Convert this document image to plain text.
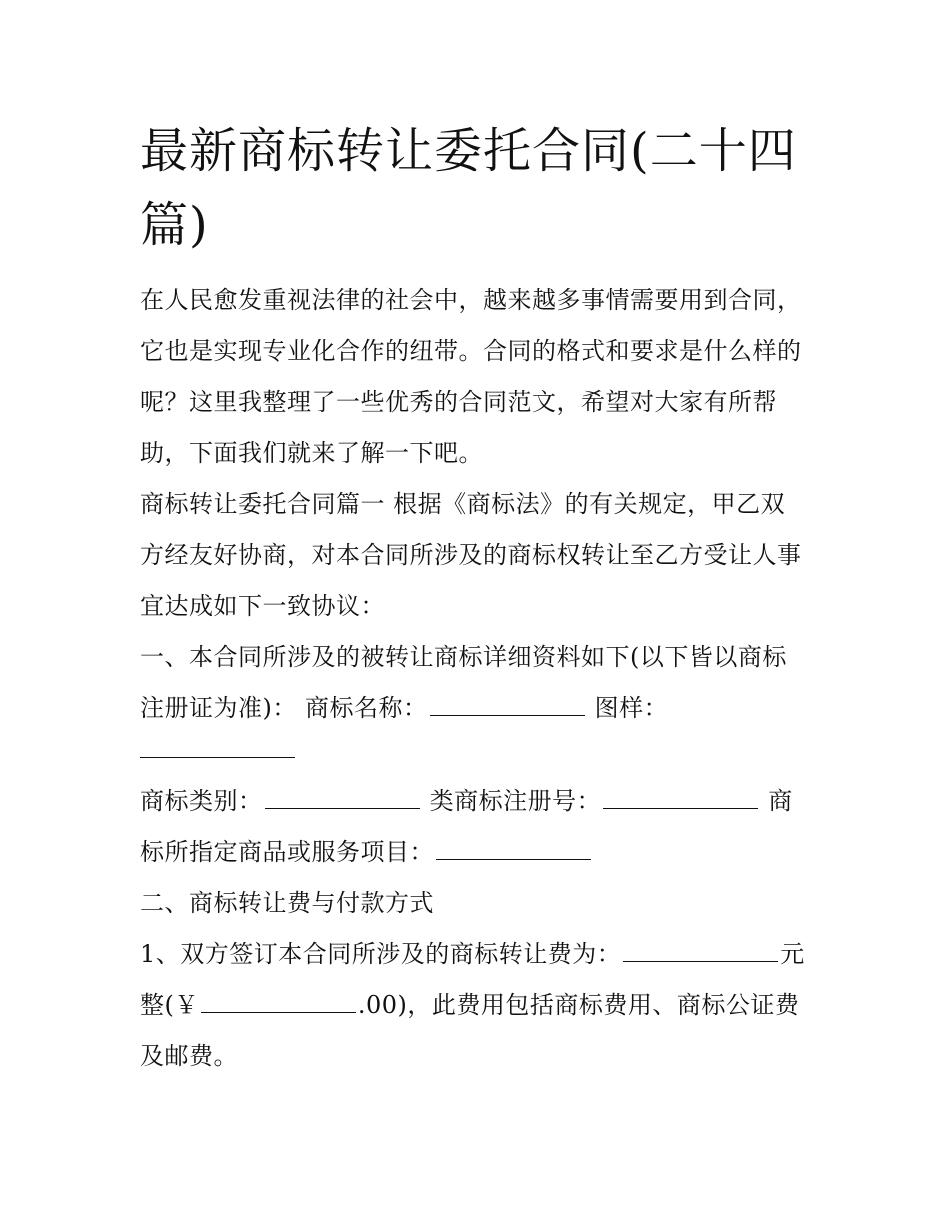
最新商标转让委托合同(二十四篇)
在人民愈发重视法律的社会中，越来越多事情需要用到合同，
它也是实现专业化合作的纽带。合同的格式和要求是什么样的
呢？这里我整理了一些优秀的合同范文，希望对大家有所帮
助，下面我们就来了解一下吧。
商标转让委托合同篇一 根据《商标法》的有关规定，甲乙双
方经友好协商，对本合同所涉及的商标权转让至乙方受让人事
宜达成如下一致协议：
一、本合同所涉及的被转让商标详细资料如下(以下皆以商标
注册证为准)： 商标名称：	图样：
商标类别：	类商标注册号：	商
标所指定商品或服务项目：
二、商标转让费与付款方式
1、双方签订本合同所涉及的商标转让费为：	元
整(￥	.00)，此费用包括商标费用、商标公证费
及邮费。
